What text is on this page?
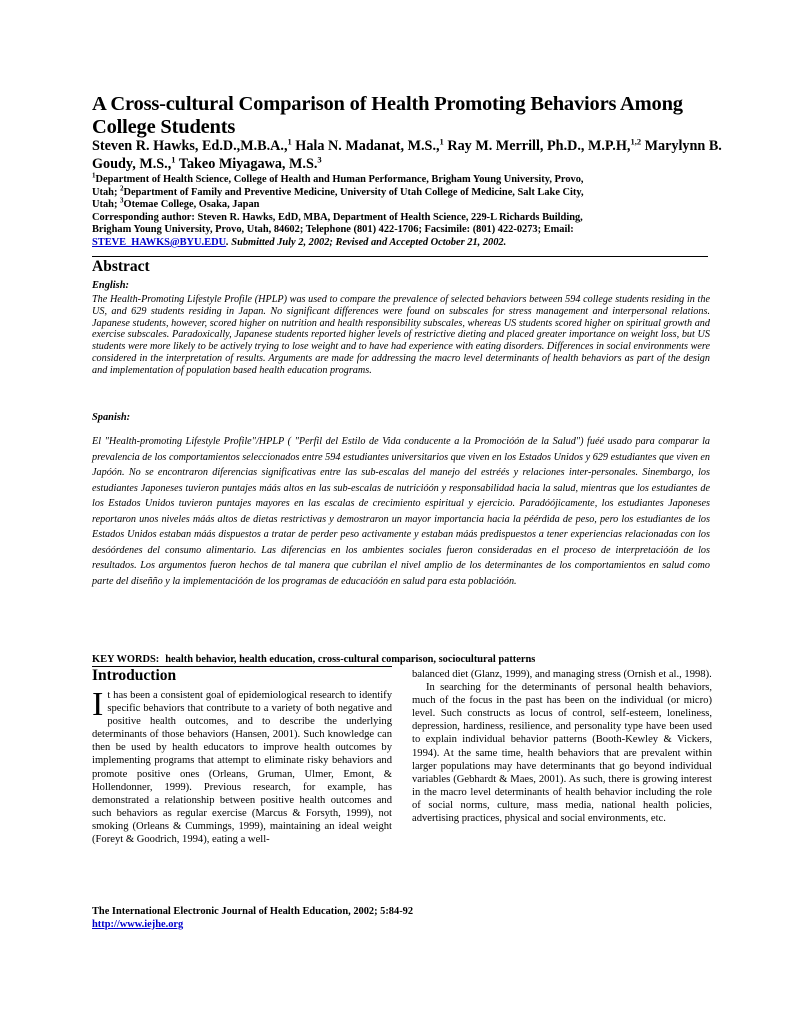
A Cross-cultural Comparison of Health Promoting Behaviors Among College Students

Steven R. Hawks, Ed.D.,M.B.A.,$^1$ Hala N. Madanat, M.S.,$^1$ Ray M. Merrill, Ph.D., M.P.H,$^{1,2}$ Marylynn B. Goudy, M.S.,$^1$ Takeo Miyagawa, M.S.$^3$

$^1$Department of Health Science, College of Health and Human Performance, Brigham Young University, Provo,
Utah; $^2$Department of Family and Preventive Medicine, University of Utah College of Medicine, Salt Lake City,
Utah; $^3$Otemae College, Osaka, Japan
Corresponding author: Steven R. Hawks, EdD, MBA, Department of Health Science, 229-L Richards Building,
Brigham Young University, Provo, Utah, 84602; Telephone (801) 422-1706; Facsimile: (801) 422-0273; Email:
STEVE_HAWKS@BYU.EDU. Submitted July 2, 2002; Revised and Accepted October 21, 2002.
Abstract
English:

The Health-Promoting Lifestyle Profile (HPLP) was used to compare the prevalence of selected behaviors between 594 college students residing in the US, and 629 students residing in Japan. No significant differences were found on subscales for stress management and interpersonal relations. Japanese students, however, scored higher on nutrition and health responsibility subscales, whereas US students scored higher on spiritual growth and exercise subscales. Paradoxically, Japanese students reported higher levels of restrictive dieting and placed greater importance on weight loss, but US students were more likely to be actively trying to lose weight and to have had experience with eating disorders. Differences in social environments were considered in the interpretation of results. Arguments are made for addressing the macro level determinants of health behaviors as part of the design and implementation of population based health education programs.

Spanish:

El "Health-promoting Lifestyle Profile"/HPLP ( "Perfil del Estilo de Vida conducente a la Promocióón de la Salud") fuéé usado para comparar la prevalencia de los comportamientos seleccionados entre 594 estudiantes universitarios que viven en los Estados Unidos y 629 estudiantes que viven en Japóón. No se encontraron diferencias significativas entre las sub-escalas del manejo del estréés y relaciones inter-personales. Sinembargo, los estudiantes Japoneses tuvieron puntajes máás altos en las sub-escalas de nutricióón y responsabilidad hacia la salud, mientras que los estudiantes de los Estados Unidos tuvieron puntajes mayores en las escalas de crecimiento espiritual y ejercicio. Paradóójicamente, los estudiantes Japoneses reportaron unos niveles máás altos de dietas restrictivas y demostraron un mayor importancia hacia la péérdida de peso, pero los estudiantes de los Estados Unidos estaban máás dispuestos a tratar de perder peso activamente y estaban máás predispuestos a tener experiencias relacionadas con los desóórdenes del consumo alimentario. Las diferencias en los ambientes sociales fueron consideradas en el proceso de interpretacióón de los resultados. Los argumentos fueron hechos de tal manera que cubrilan el nivel amplio de los determinantes de los comportamientos en salud como parte del diseñño y la implementacióón de los programas de educacióón en salud para esta poblacióón.

KEY WORDS: health behavior, health education, cross-cultural comparison, sociocultural patterns
Introduction

It has been a consistent goal of epidemiological research to identify specific behaviors that contribute to a variety of both negative and positive health outcomes, and to describe the underlying determinants of those behaviors (Hansen, 2001). Such knowledge can then be used by health educators to improve health outcomes by implementing programs that attempt to eliminate risky behaviors and promote positive ones (Orleans, Gruman, Ulmer, Emont, & Hollendonner, 1999). Previous research, for example, has demonstrated a relationship between positive health outcomes and such behaviors as regular exercise (Marcus & Forsyth, 1999), not smoking (Orleans & Cummings, 1999), maintaining an ideal weight (Foreyt & Goodrich, 1994), eating a well-

balanced diet (Glanz, 1999), and managing stress (Ornish et al., 1998).
In searching for the determinants of personal health behaviors, much of the focus in the past has been on the individual (or micro) level. Such constructs as locus of control, self-esteem, loneliness, depression, hardiness, resilience, and personality type have been used to explain individual behavior patterns (Booth-Kewley & Vickers, 1994). At the same time, health behaviors that are prevalent within larger populations may have determinants that go beyond individual variables (Gebhardt & Maes, 2001). As such, there is growing interest in the macro level determinants of health behavior including the role of social norms, culture, mass media, national health policies, advertising practices, physical and social environments, etc.
The International Electronic Journal of Health Education, 2002; 5:84-92
http://www.iejhe.org
